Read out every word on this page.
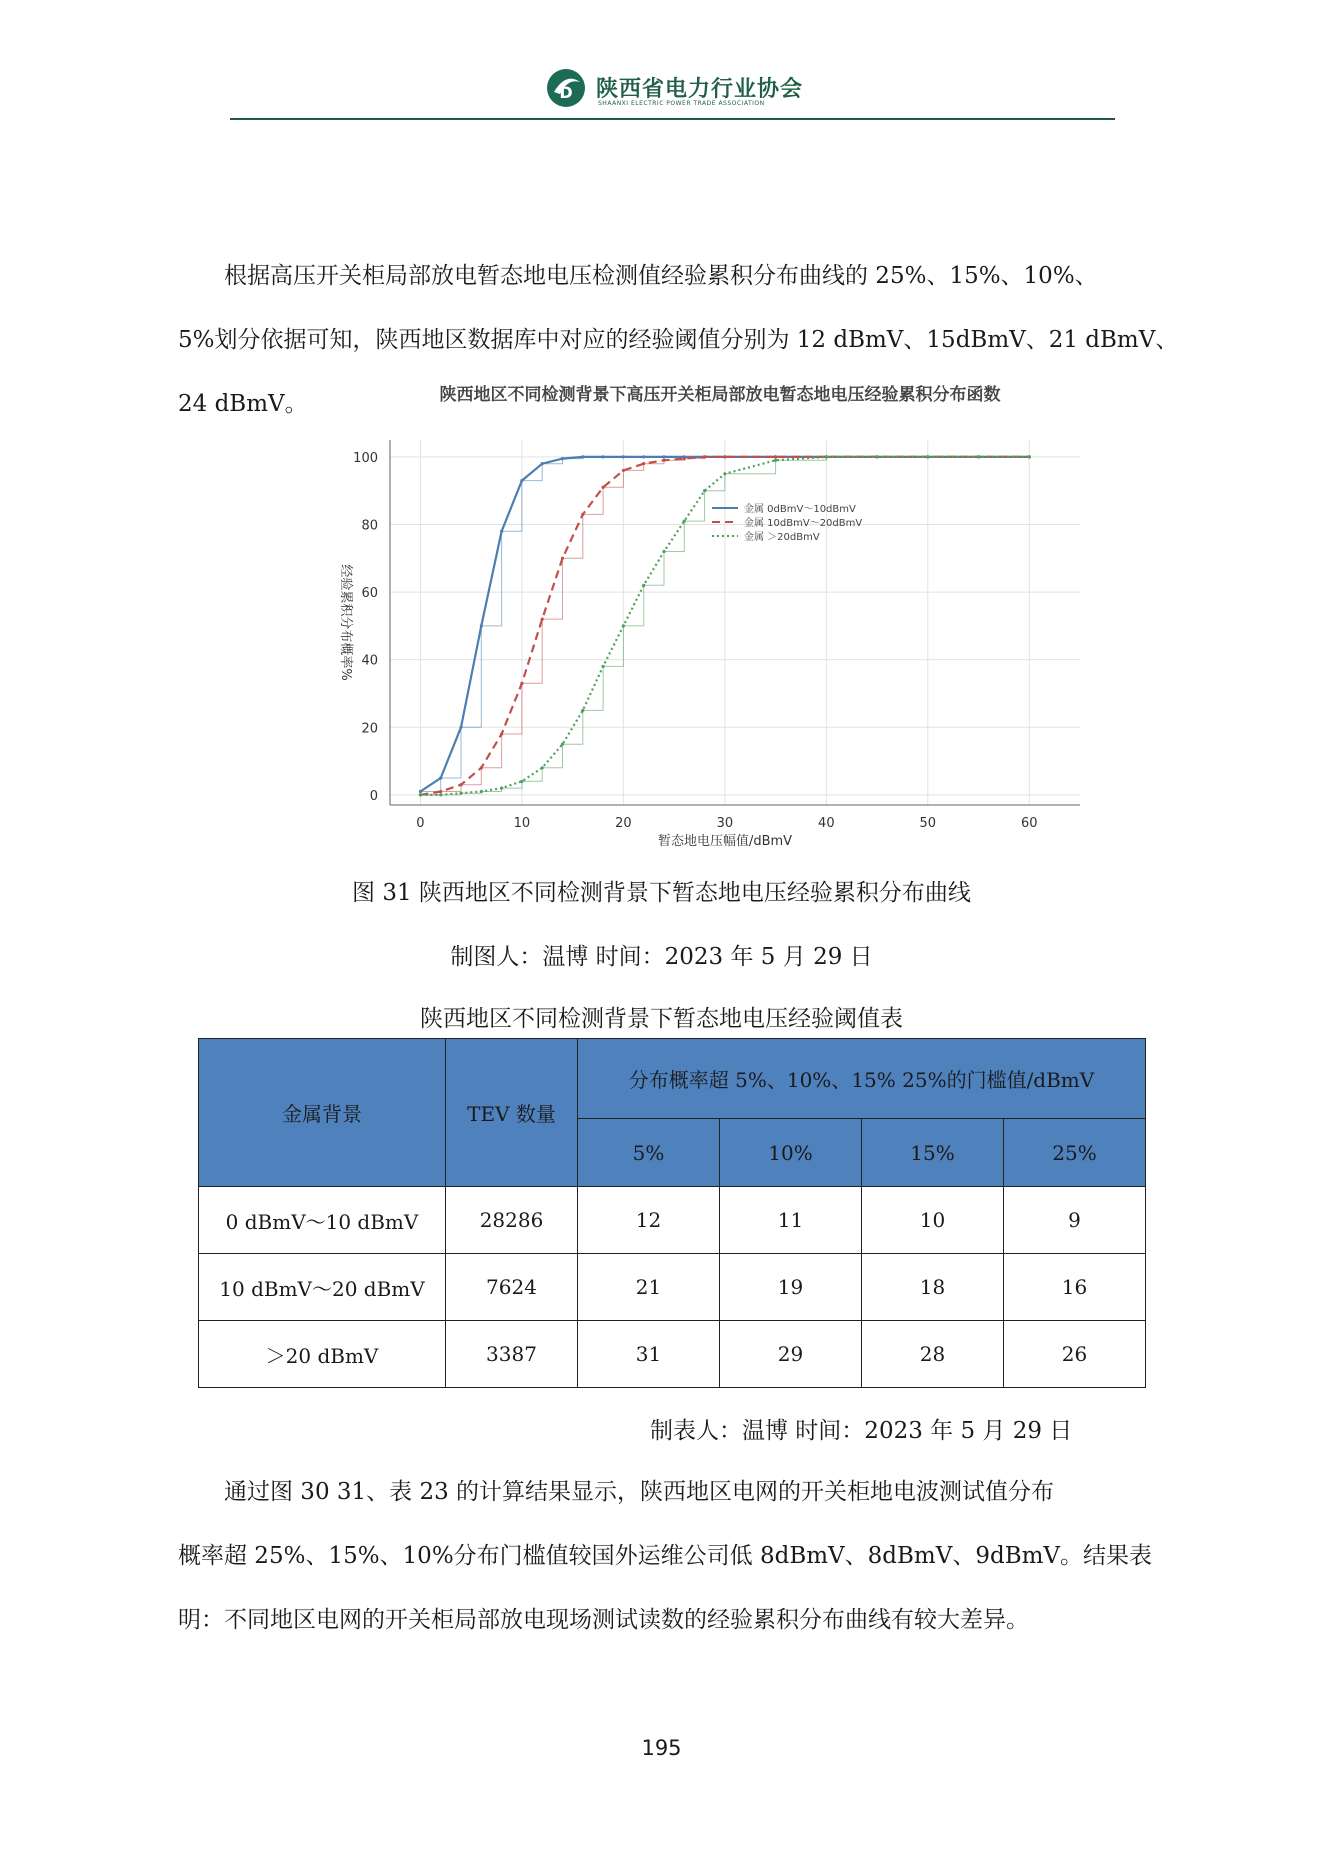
D 陕西省电力行业协会
SHAANXI ELECTRIC POWER TRADE ASSOCIATION
根据高压开关柜局部放电暂态地电压检测值经验累积分布曲线的 25%、15%、10%、
5%划分依据可知，陕西地区数据库中对应的经验阈值分别为 12 dBmV、15dBmV、21 dBmV、
24 dBmV。	陕西地区不同检测背景下高压开关柜局部放电暂态地电压经验累积分布函数
0	10	20	30	40	50	60
0
20
40
60
80
100
暂态地电压幅值/dBmV
经验累积分布概率%
金属 0dBmV～10dBmV
金属 10dBmV～20dBmV
金属 ＞20dBmV
图 31 陕西地区不同检测背景下暂态地电压经验累积分布曲线
制图人：温博 时间：2023 年 5 月 29 日
陕西地区不同检测背景下暂态地电压经验阈值表
金属背景	TEV 数量	分布概率超 5%、10%、15% 25%的门槛值/dBmV			
		5%	10%	15%	25%
0 dBmV～10 dBmV	28286	12	11	10	9
10 dBmV～20 dBmV	7624	21	19	18	16
＞20 dBmV	3387	31	29	28	26
制表人：温博 时间：2023 年 5 月 29 日
通过图 30 31、表 23 的计算结果显示，陕西地区电网的开关柜地电波测试值分布
概率超 25%、15%、10%分布门槛值较国外运维公司低 8dBmV、8dBmV、9dBmV。结果表
明：不同地区电网的开关柜局部放电现场测试读数的经验累积分布曲线有较大差异。
195
